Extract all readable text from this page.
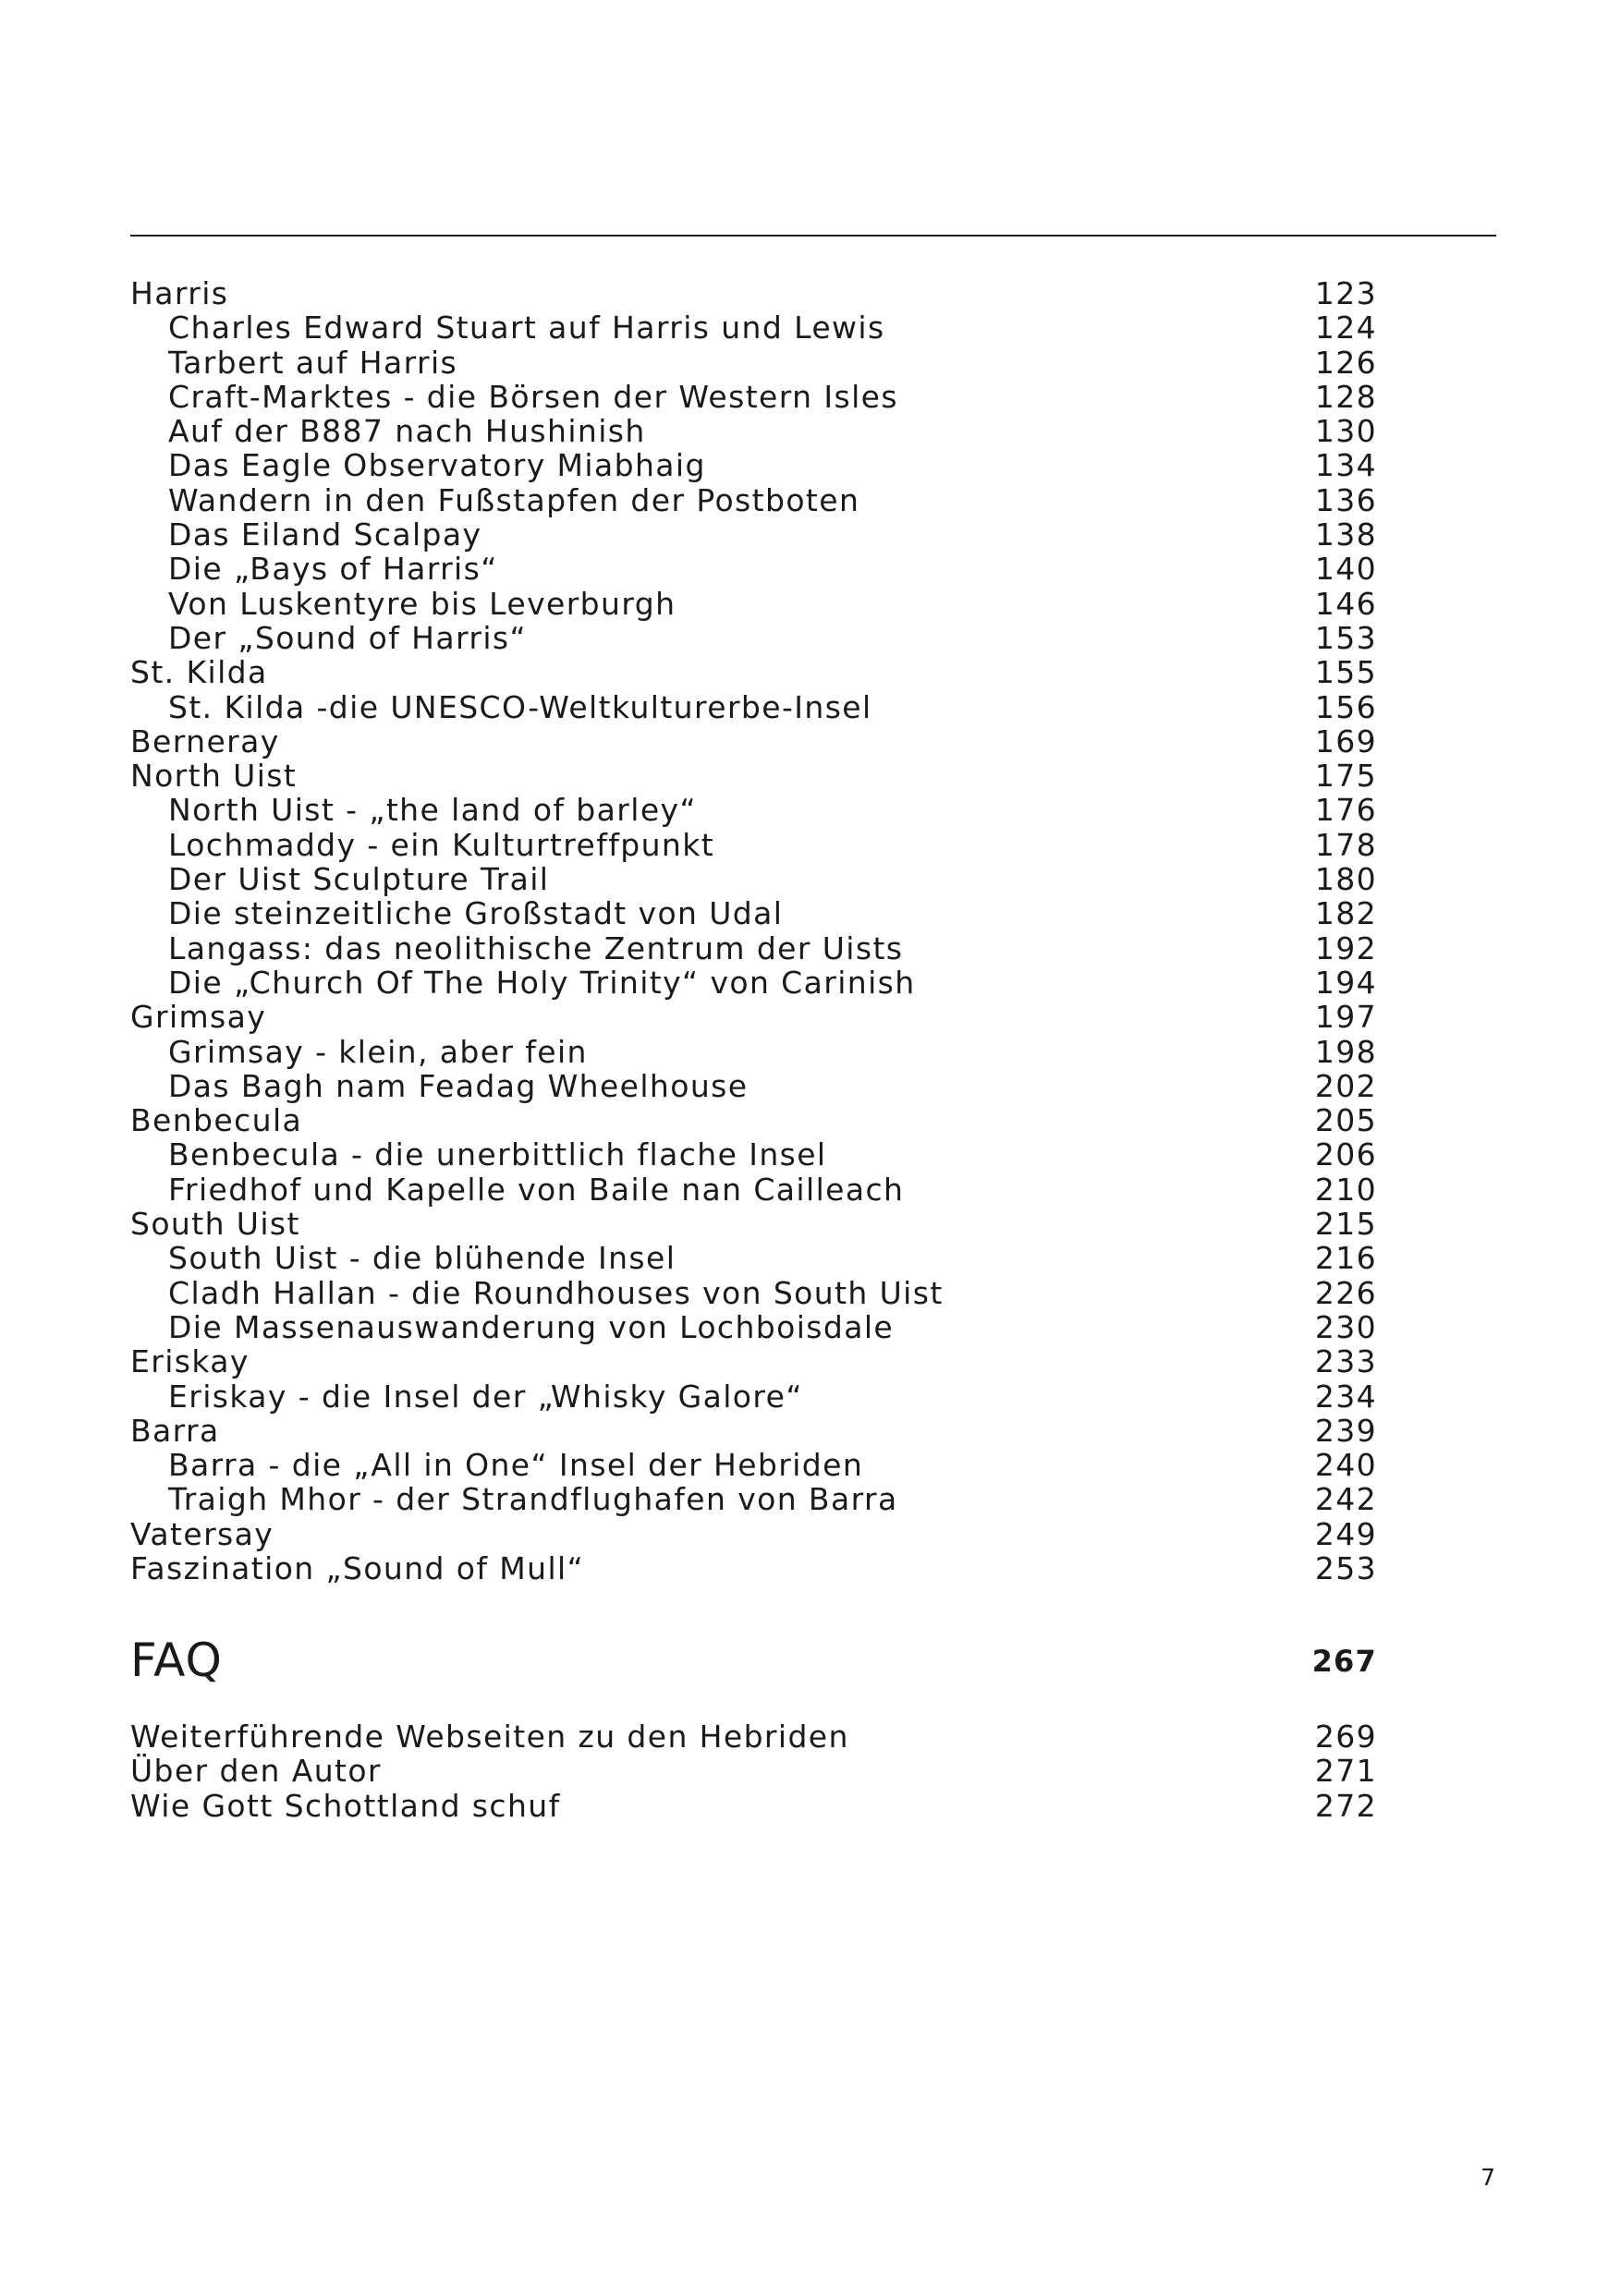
Harris	123
Charles Edward Stuart auf Harris und Lewis	124
Tarbert auf Harris	126
Craft-Marktes - die Börsen der Western Isles	128
Auf der B887 nach Hushinish	130
Das Eagle Observatory Miabhaig	134
Wandern in den Fußstapfen der Postboten	136
Das Eiland Scalpay	138
Die „Bays of Harris“	140
Von Luskentyre bis Leverburgh	146
Der „Sound of Harris“	153
St. Kilda	155
St. Kilda -die UNESCO-Weltkulturerbe-Insel	156
Berneray	169
North Uist	175
North Uist - „the land of barley“	176
Lochmaddy - ein Kulturtreffpunkt	178
Der Uist Sculpture Trail	180
Die steinzeitliche Großstadt von Udal	182
Langass: das neolithische Zentrum der Uists	192
Die „Church Of The Holy Trinity“ von Carinish	194
Grimsay	197
Grimsay - klein, aber fein	198
Das Bagh nam Feadag Wheelhouse	202
Benbecula	205
Benbecula - die unerbittlich flache Insel	206
Friedhof und Kapelle von Baile nan Cailleach	210
South Uist	215
South Uist - die blühende Insel	216
Cladh Hallan - die Roundhouses von South Uist	226
Die Massenauswanderung von Lochboisdale	230
Eriskay	233
Eriskay - die Insel der „Whisky Galore“	234
Barra	239
Barra - die „All in One“ Insel der Hebriden	240
Traigh Mhor - der Strandflughafen von Barra	242
Vatersay	249
Faszination „Sound of Mull“	253
FAQ	267
Weiterführende Webseiten zu den Hebriden	269
Über den Autor	271
Wie Gott Schottland schuf	272
7
